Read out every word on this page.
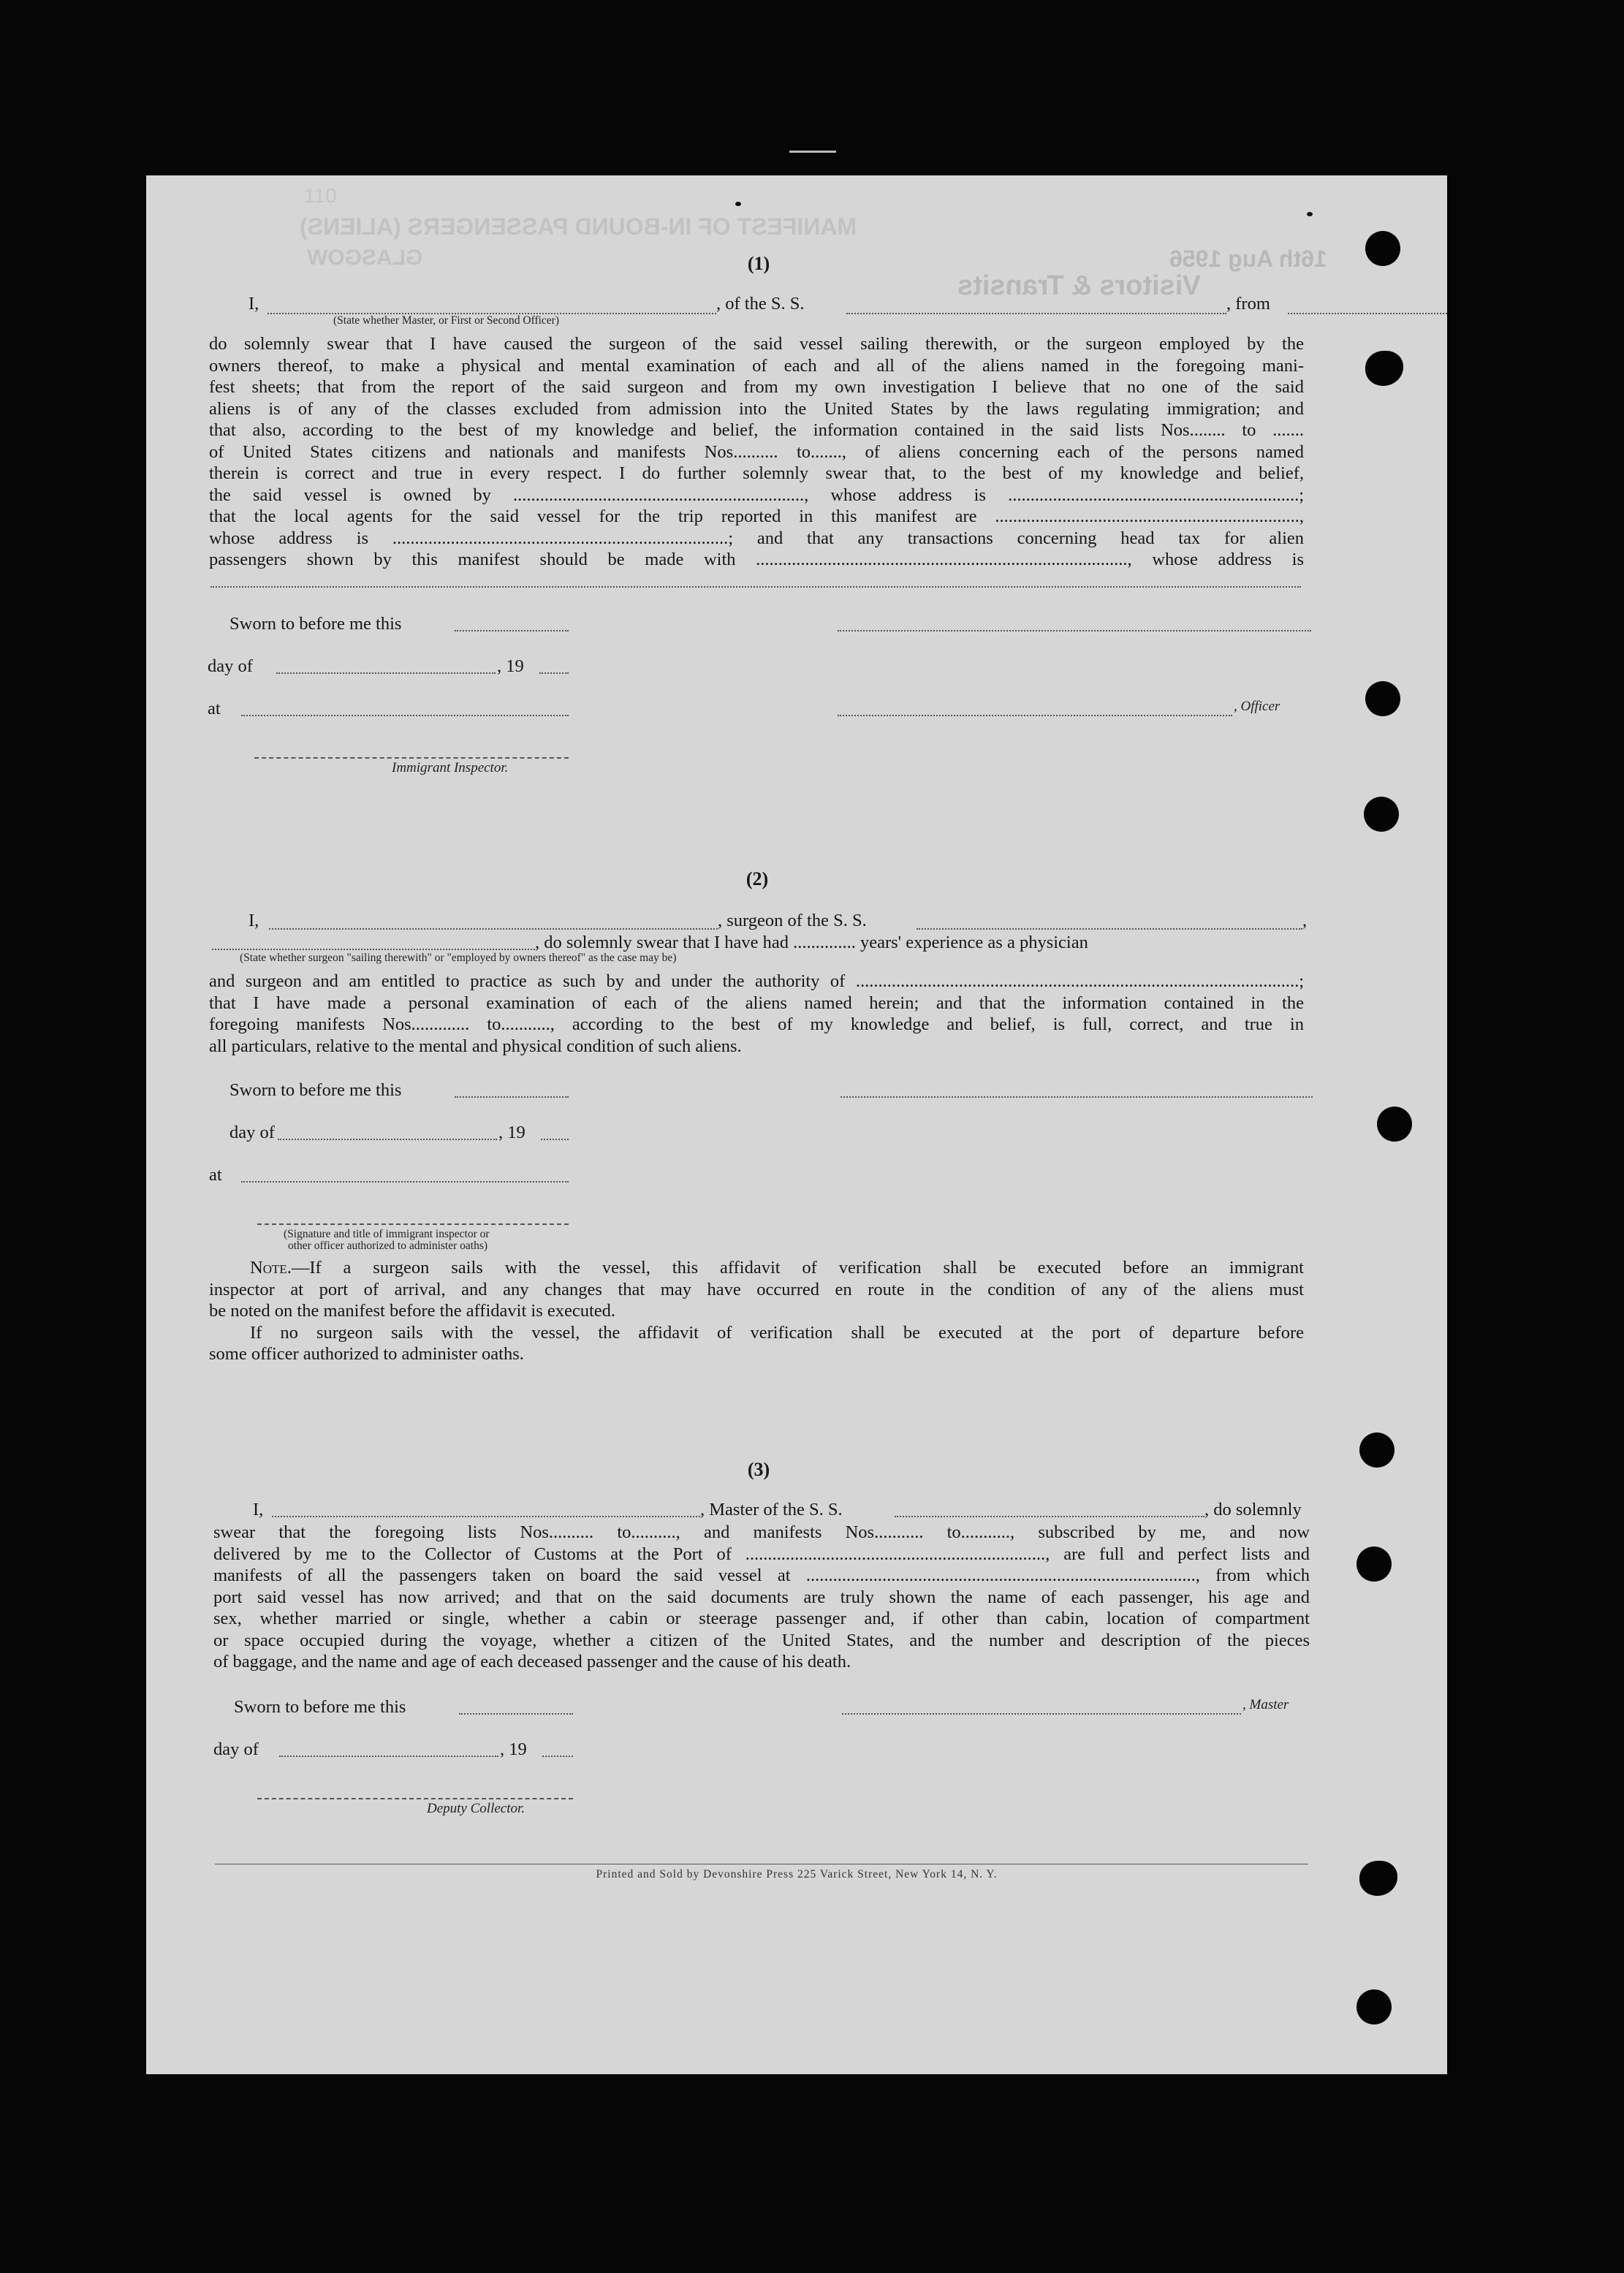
110
MANIFEST OF IN-BOUND PASSENGERS (ALIENS)
GLASGOW
Visitors & Transits
16th Aug 1956
(1)
I,	, of the S. S.	, from
(State whether Master, or First or Second Officer)
do solemnly swear that I have caused the surgeon of the said vessel sailing therewith, or the surgeon employed by the
owners thereof, to make a physical and mental examination of each and all of the aliens named in the foregoing mani-
fest sheets; that from the report of the said surgeon and from my own investigation I believe that no one of the said
aliens is of any of the classes excluded from admission into the United States by the laws regulating immigration; and
that also, according to the best of my knowledge and belief, the information contained in the said lists Nos........ to .......
of United States citizens and nationals and manifests Nos.......... to......., of aliens concerning each of the persons named
therein is correct and true in every respect. I do further solemnly swear that, to the best of my knowledge and belief,
the said vessel is owned by ................................................................., whose address is .................................................................;
that the local agents for the said vessel for the trip reported in this manifest are ....................................................................,
whose address is ...........................................................................; and that any transactions concerning head tax for alien
passengers shown by this manifest should be made with ..................................................................................., whose address is
Sworn to before me this
day of	, 19
at	, Officer
Immigrant Inspector.
(2)
I,	, surgeon of the S. S.	,
, do solemnly swear that I have had .............. years' experience as a physician
(State whether surgeon "sailing therewith" or "employed by owners thereof" as the case may be)
and surgeon and am entitled to practice as such by and under the authority of ...................................................................................................;
that I have made a personal examination of each of the aliens named herein; and that the information contained in the
foregoing manifests Nos............. to..........., according to the best of my knowledge and belief, is full, correct, and true in
all particulars, relative to the mental and physical condition of such aliens.
Sworn to before me this
day of	, 19
at
(Signature and title of immigrant inspector or
other officer authorized to administer oaths)
Note.—If a surgeon sails with the vessel, this affidavit of verification shall be executed before an immigrant
inspector at port of arrival, and any changes that may have occurred en route in the condition of any of the aliens must
be noted on the manifest before the affidavit is executed.
If no surgeon sails with the vessel, the affidavit of verification shall be executed at the port of departure before
some officer authorized to administer oaths.
(3)
I,	, Master of the S. S.	, do solemnly
swear that the foregoing lists Nos.......... to.........., and manifests Nos........... to..........., subscribed by me, and now
delivered by me to the Collector of Customs at the Port of ..................................................................., are full and perfect lists and
manifests of all the passengers taken on board the said vessel at ......................................................................................., from which
port said vessel has now arrived; and that on the said documents are truly shown the name of each passenger, his age and
sex, whether married or single, whether a cabin or steerage passenger and, if other than cabin, location of compartment
or space occupied during the voyage, whether a citizen of the United States, and the number and description of the pieces
of baggage, and the name and age of each deceased passenger and the cause of his death.
Sworn to before me this	, Master
day of	, 19
Deputy Collector.
Printed and Sold by Devonshire Press 225 Varick Street, New York 14, N. Y.
